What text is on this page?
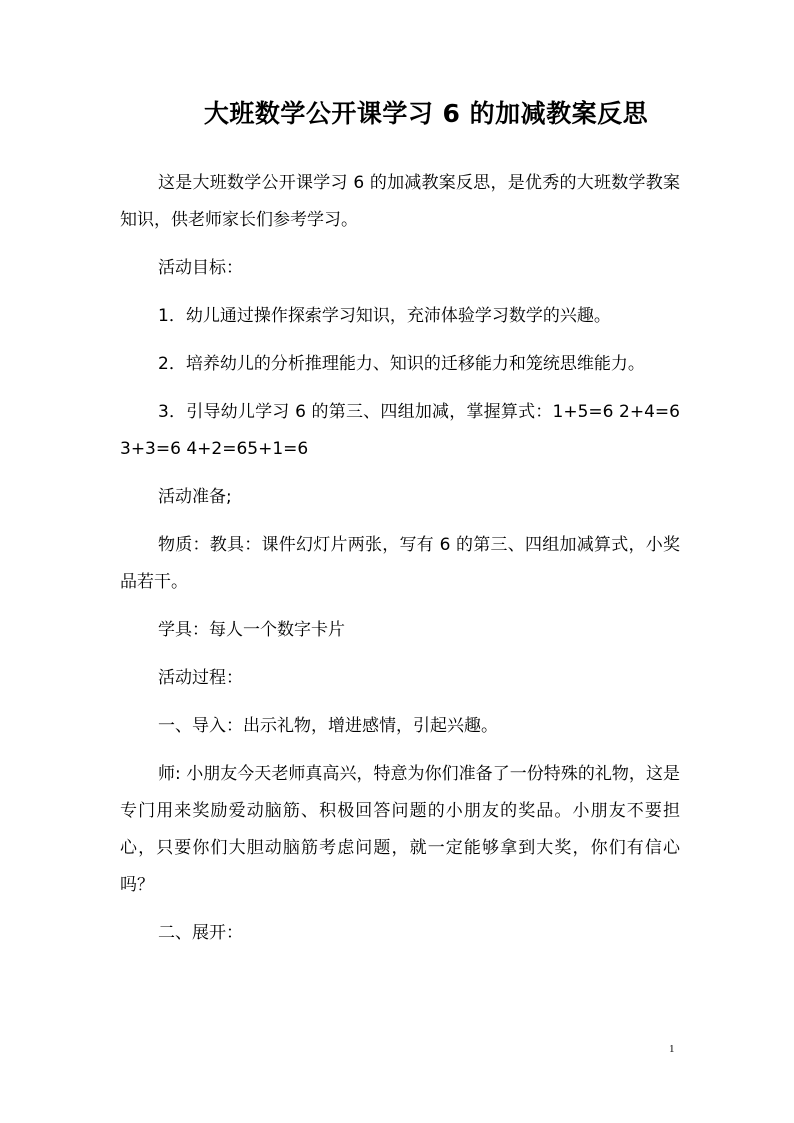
大班数学公开课学习 6 的加减教案反思

这是大班数学公开课学习 6 的加减教案反思，是优秀的大班数学教案知识，供老师家长们参考学习。

活动目标：

1．幼儿通过操作探索学习知识，充沛体验学习数学的兴趣。

2．培养幼儿的分析推理能力、知识的迁移能力和笼统思维能力。

3．引导幼儿学习 6 的第三、四组加减，掌握算式：1+5=6 2+4=6 3+3=6 4+2=65+1=6

活动准备;

物质：教具：课件幻灯片两张，写有 6 的第三、四组加减算式，小奖品若干。

学具：每人一个数字卡片

活动过程：

一、导入：出示礼物，增进感情，引起兴趣。

师: 小朋友今天老师真高兴，特意为你们准备了一份特殊的礼物，这是专门用来奖励爱动脑筋、积极回答问题的小朋友的奖品。小朋友不要担心，只要你们大胆动脑筋考虑问题，就一定能够拿到大奖，你们有信心吗？

二、展开：

1
